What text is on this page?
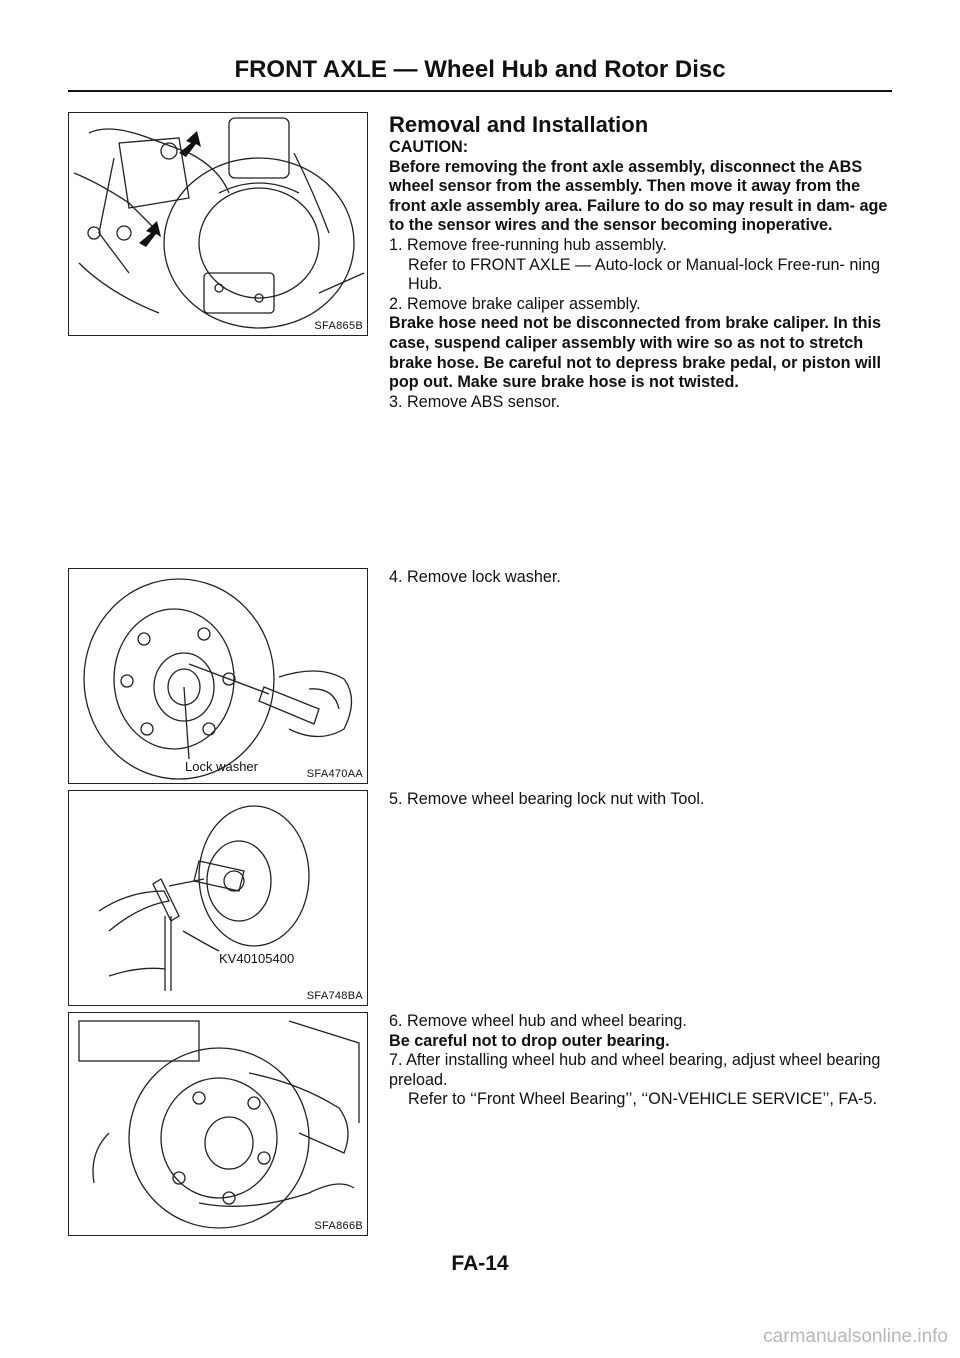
FRONT AXLE — Wheel Hub and Rotor Disc
SFA865B
Lock washer	SFA470AA
KV40105400
SFA748BA
SFA866B

Removal and Installation

CAUTION:

Before removing the front axle assembly, disconnect the ABS wheel sensor from the assembly. Then move it away from the front axle assembly area. Failure to do so may result in dam- age to the sensor wires and the sensor becoming inoperative.

1. Remove free-running hub assembly.

Refer to FRONT AXLE — Auto-lock or Manual-lock Free-run- ning Hub.

2. Remove brake caliper assembly.

Brake hose need not be disconnected from brake caliper. In this case, suspend caliper assembly with wire so as not to stretch brake hose. Be careful not to depress brake pedal, or piston will pop out. Make sure brake hose is not twisted.

3. Remove ABS sensor.

4. Remove lock washer.

5. Remove wheel bearing lock nut with Tool.

6. Remove wheel hub and wheel bearing.

Be careful not to drop outer bearing.

7. After installing wheel hub and wheel bearing, adjust wheel bearing preload.

Refer to ‘‘Front Wheel Bearing’’, ‘‘ON-VEHICLE SERVICE’’, FA-5.

FA-14
carmanualsonline.info
